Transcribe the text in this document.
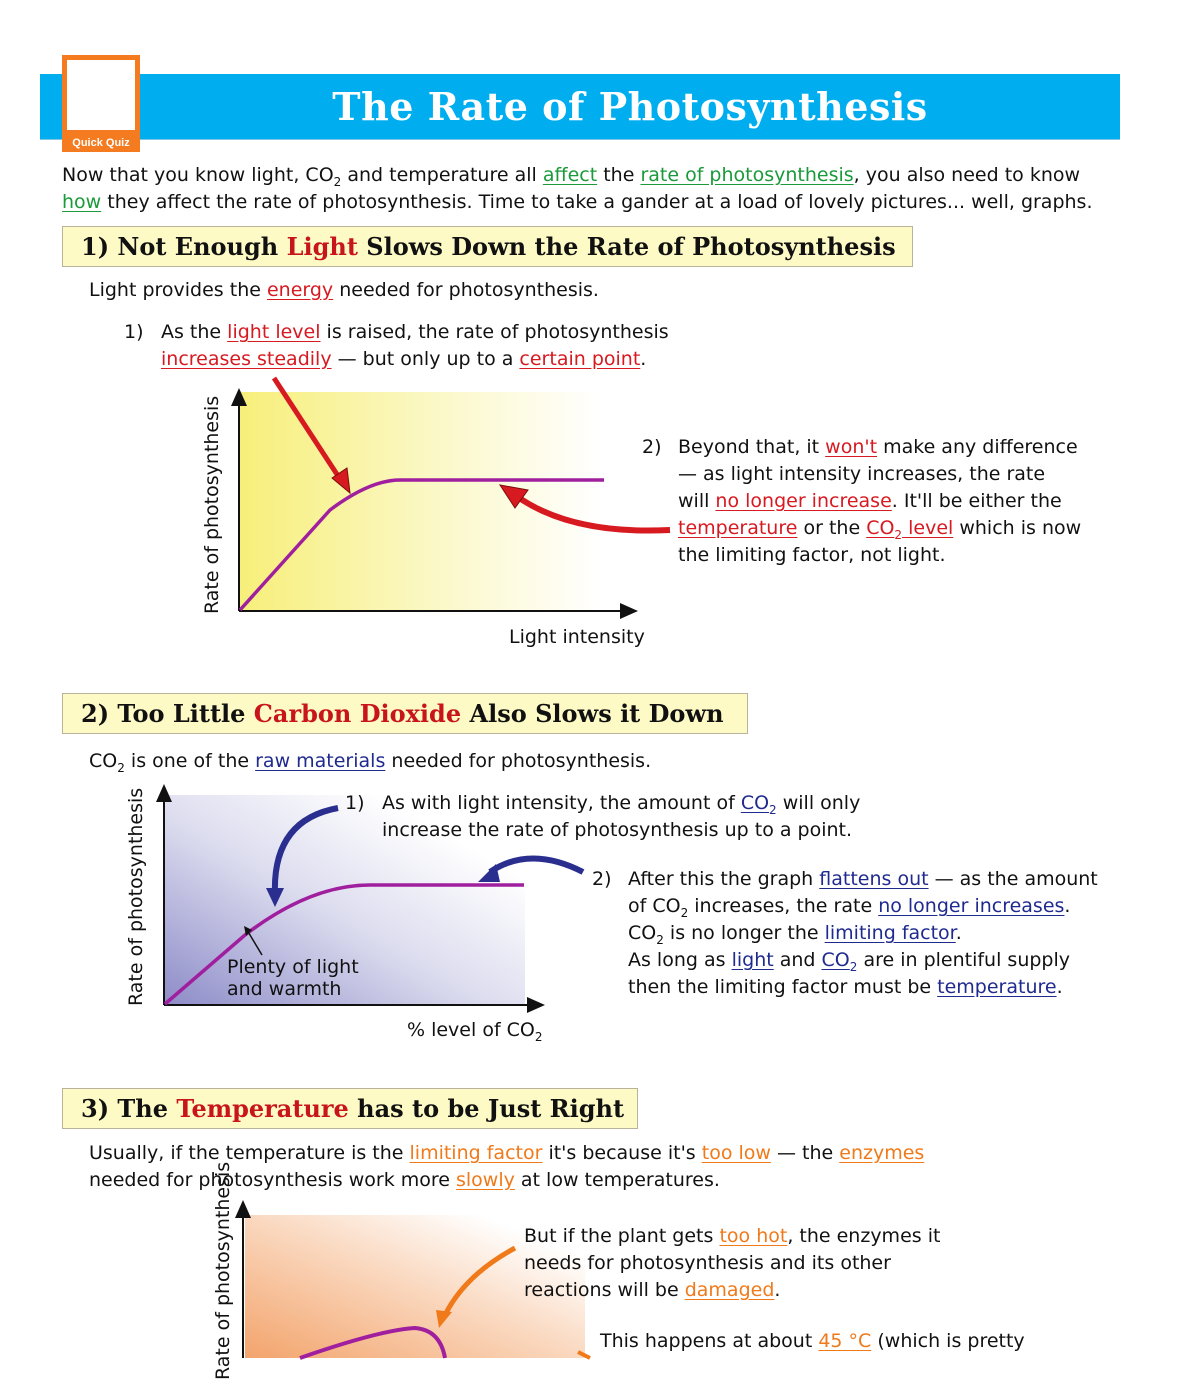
The Rate of Photosynthesis
Quick Quiz
Now that you know light, $CO_2$ and temperature all affect the rate of photosynthesis, you also need to know
how they affect the rate of photosynthesis. Time to take a gander at a load of lovely pictures... well, graphs.
1) Not Enough Light Slows Down the Rate of Photosynthesis
Light provides the energy needed for photosynthesis.
1) As the light level is raised, the rate of photosynthesis
increases steadily — but only up to a certain point.
Rate of photosynthesis
Light intensity
2) Beyond that, it won't make any difference
— as light intensity increases, the rate
will no longer increase. It'll be either the
temperature or the $CO_2$ level which is now
the limiting factor, not light.
2) Too Little Carbon Dioxide Also Slows it Down
$CO_2$ is one of the raw materials needed for photosynthesis.
1) As with light intensity, the amount of $CO_2$ will only
increase the rate of photosynthesis up to a point.
Rate of photosynthesis
% level of $CO_2$
Plenty of light
and warmth
2) After this the graph flattens out — as the amount
of $CO_2$ increases, the rate no longer increases.
$CO_2$ is no longer the limiting factor.
As long as light and $CO_2$ are in plentiful supply
then the limiting factor must be temperature.
3) The Temperature has to be Just Right
Usually, if the temperature is the limiting factor it's because it's too low — the enzymes
needed for photosynthesis work more slowly at low temperatures.
Rate of photosynthesis	But if the plant gets too hot, the enzymes it
needs for photosynthesis and its other
reactions will be damaged.
This happens at about 45 °C (which is pretty
